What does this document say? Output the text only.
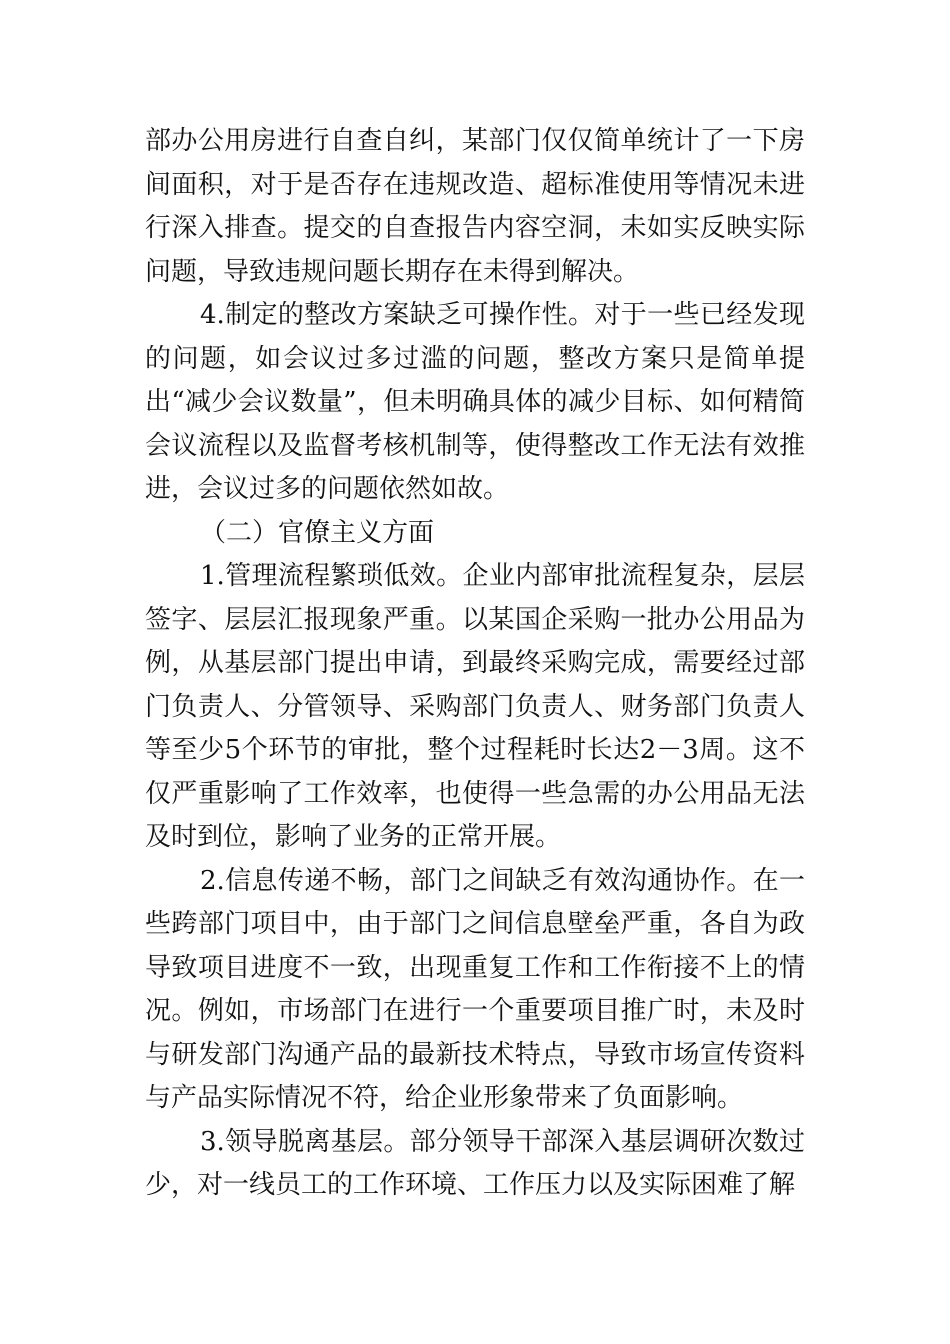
部办公用房进行自查自纠，某部门仅仅简单统计了一下房间面积，对于是否存在违规改造、超标准使用等情况未进行深入排查。提交的自查报告内容空洞，未如实反映实际问题，导致违规问题长期存在未得到解决。

4.制定的整改方案缺乏可操作性。对于一些已经发现的问题，如会议过多过滥的问题，整改方案只是简单提出“减少会议数量”，但未明确具体的减少目标、如何精简会议流程以及监督考核机制等，使得整改工作无法有效推进，会议过多的问题依然如故。

（二）官僚主义方面

1.管理流程繁琐低效。企业内部审批流程复杂，层层签字、层层汇报现象严重。以某国企采购一批办公用品为例，从基层部门提出申请，到最终采购完成，需要经过部门负责人、分管领导、采购部门负责人、财务部门负责人等至少5个环节的审批，整个过程耗时长达2－3周。这不仅严重影响了工作效率，也使得一些急需的办公用品无法及时到位，影响了业务的正常开展。

2.信息传递不畅，部门之间缺乏有效沟通协作。在一些跨部门项目中，由于部门之间信息壁垒严重，各自为政导致项目进度不一致，出现重复工作和工作衔接不上的情况。例如，市场部门在进行一个重要项目推广时，未及时与研发部门沟通产品的最新技术特点，导致市场宣传资料与产品实际情况不符，给企业形象带来了负面影响。

3.领导脱离基层。部分领导干部深入基层调研次数过少，对一线员工的工作环境、工作压力以及实际困难了解
